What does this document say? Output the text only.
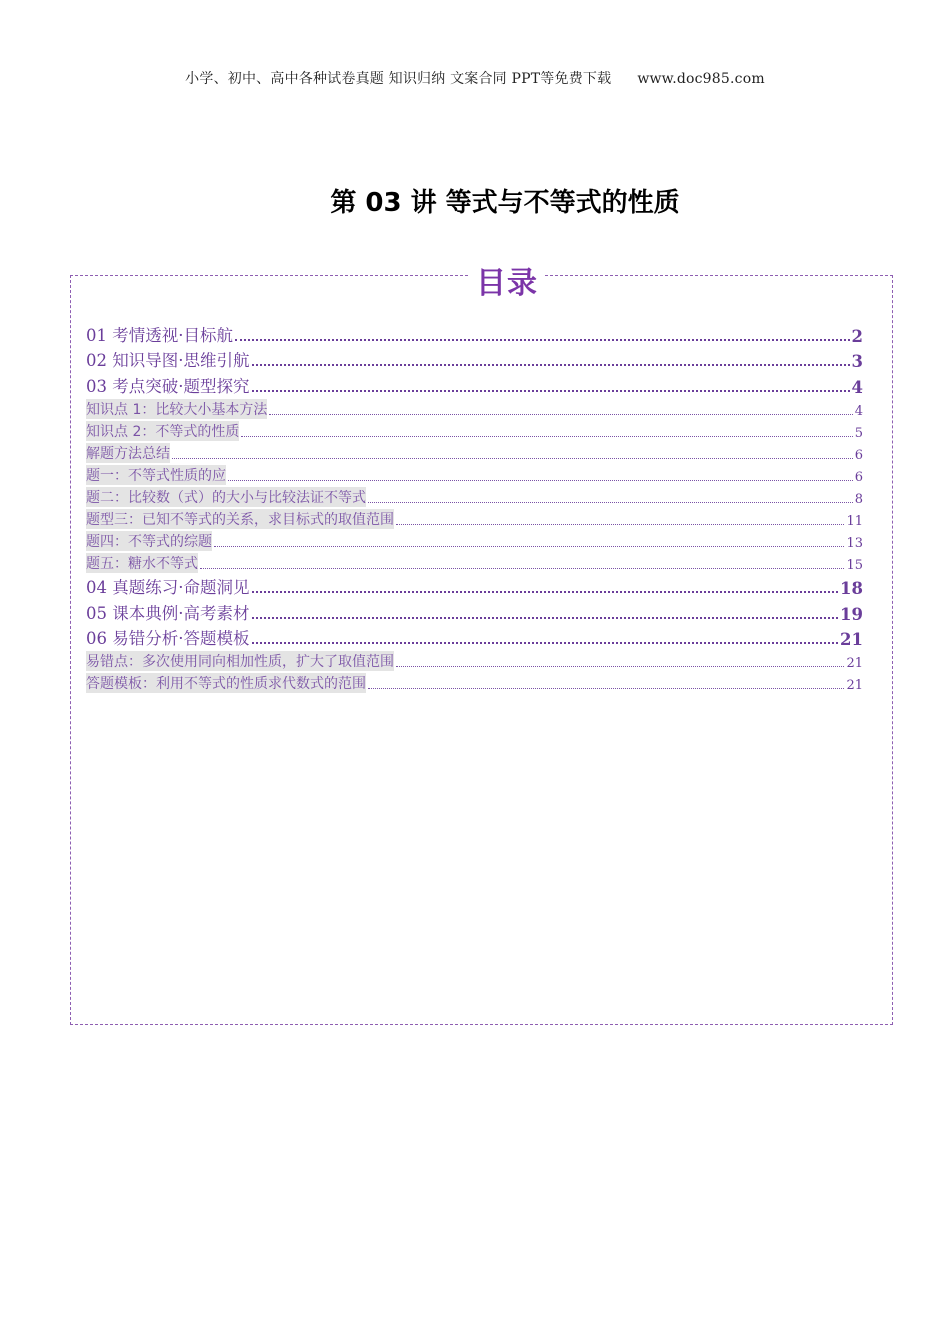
小学、初中、高中各种试卷真题 知识归纳 文案合同 PPT等免费下载 www.doc985.com
第 03 讲 等式与不等式的性质
目录
01 考情透视·目标航	2
02 知识导图·思维引航	3
03 考点突破·题型探究	4
知识点 1：比较大小基本方法	4
知识点 2：不等式的性质	5
解题方法总结	6
题一：不等式性质的应	6
题二：比较数（式）的大小与比较法证不等式	8
题型三：已知不等式的关系，求目标式的取值范围	11
题四：不等式的综题	13
题五：糖水不等式	15
04 真题练习·命题洞见	18
05 课本典例·高考素材	19
06 易错分析·答题模板	21
易错点：多次使用同向相加性质，扩大了取值范围	21
答题模板：利用不等式的性质求代数式的范围	21
